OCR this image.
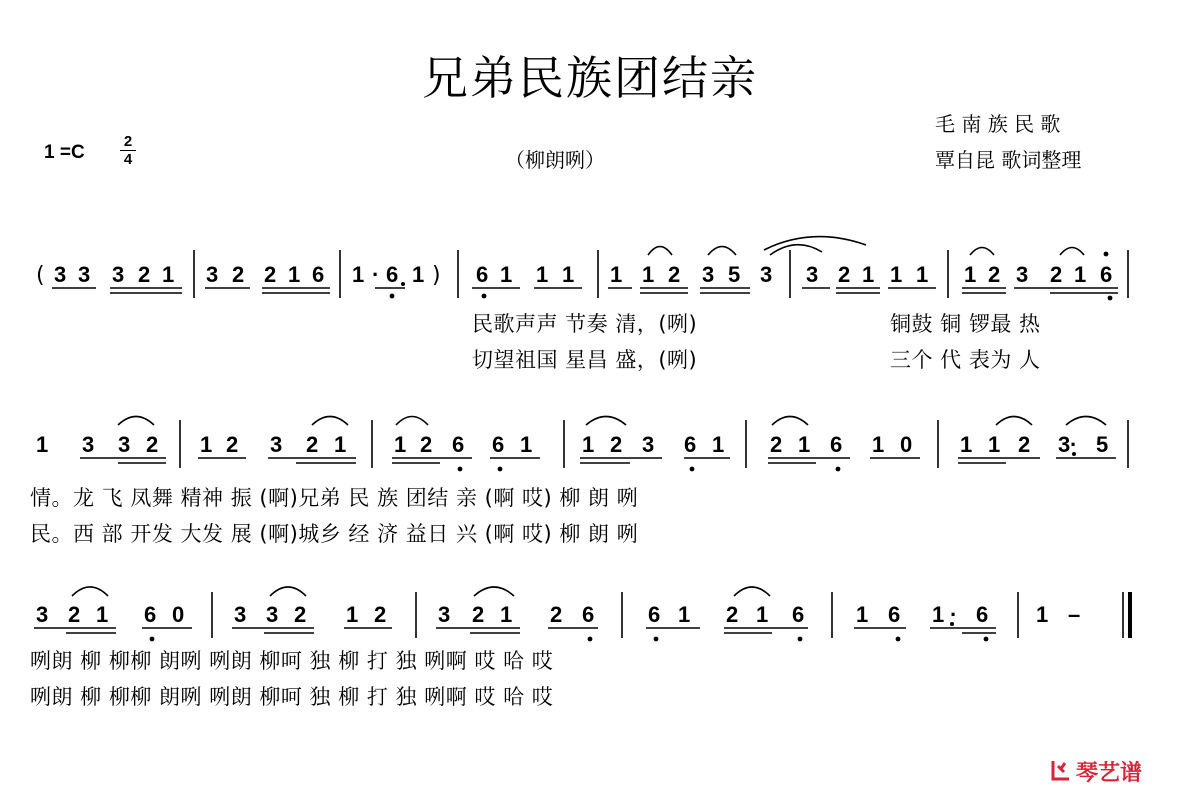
兄弟民族团结亲
1 =C
2
4	（柳朗咧）
毛 南 族 民 歌
覃自昆 歌词整理
( 3 3 3 2 1 3 2 2 1 6 1 · 6 1 ) 6 1 1 1 1 1 2 3 5 3 3 2 1 1 1 1 2 3 2 1 6
1 3 3 2 1 2 3 2 1 1 2 6 6 1 1 2 3 6 1 2 1 6 1 0 1 1 2 3 · 5
3 2 1 6 0 3 3 2 1 2 3 2 1 2 6 6 1 2 1 6 1 6 1 · 6 1 –
民歌声声 节奏 清，(咧)	铜鼓 铜 锣最 热
切望祖国 星昌 盛，(咧)	三个 代 表为 人
情。龙 飞 凤舞 精神 振 (啊)兄弟 民 族 团结 亲 (啊 哎) 柳 朗 咧
民。西 部 开发 大发 展 (啊)城乡 经 济 益日 兴 (啊 哎) 柳 朗 咧
咧朗 柳 柳柳 朗咧 咧朗 柳呵 独 柳 打 独 咧啊 哎 哈 哎
咧朗 柳 柳柳 朗咧 咧朗 柳呵 独 柳 打 独 咧啊 哎 哈 哎
琴艺谱
